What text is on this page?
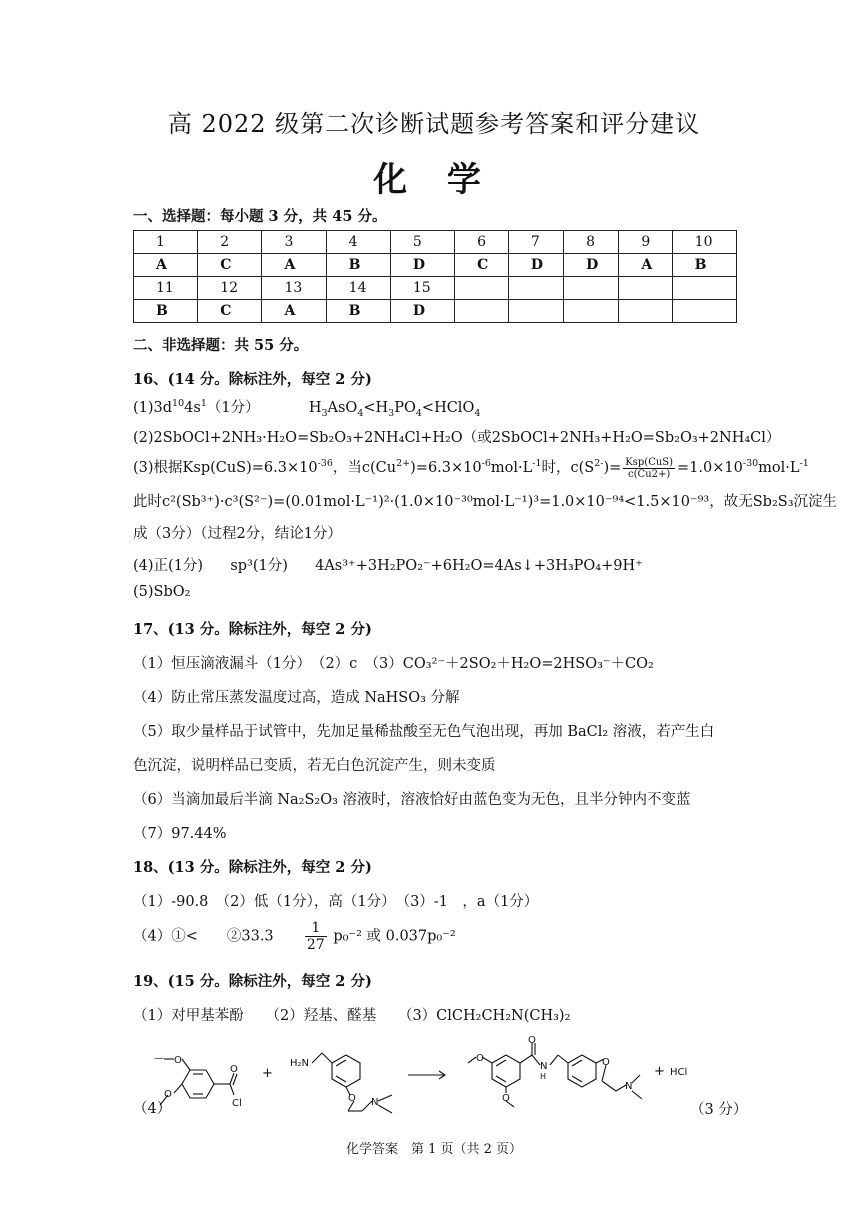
高 2022 级第二次诊断试题参考答案和评分建议
化 学
一、选择题：每小题 3 分，共 45 分。
1	2	3	4	5	6	7	8	9	10
A	C	A	B	D	C	D	D	A	B
11	12	13	14	15					
B	C	A	B	D					
二、非选择题：共 55 分。
16、(14 分。除标注外，每空 2 分)
$(1)3d^{10}4s^1(1$分）	$H_3AsO_4<H_3PO_4<HClO_4$
(2)2SbOCl+2NH₃·H₂O=Sb₂O₃+2NH₄Cl+H₂O（或2SbOCl+2NH₃+H₂O=Sb₂O₃+2NH₄Cl）
(3)根据$Ksp(CuS)=6.3\times 10^{-36}$，当$c(Cu^{2+})=6.3\times 10^{-6}mol\cdot L^{-1}$时，$c(S^{2-})= \frac{\text{Ksp(CuS)}}{c(Cu2+)} =1.0\times 10^{-30}mol\cdot L^{-1}$
此时c²(Sb³⁺)·c³(S²⁻)=(0.01mol·L⁻¹)²·(1.0×10⁻³⁰mol·L⁻¹)³=1.0×10⁻⁹⁴<1.5×10⁻⁹³，故无Sb₂S₃沉淀生
成（3分）（过程2分，结论1分）
(4)正(1分) sp³(1分) 4As³⁺+3H₂PO₂⁻+6H₂O=4As↓+3H₃PO₄+9H⁺
(5)SbO₂
17、(13 分。除标注外，每空 2 分)
（1）恒压滴液漏斗（1分）　（2）c　（3）CO₃²⁻＋2SO₂＋H₂O=2HSO₃⁻＋CO₂
（4）防止常压蒸发温度过高，造成 NaHSO₃ 分解
（5）取少量样品于试管中，先加足量稀盐酸至无色气泡出现，再加 BaCl₂ 溶液，若产生白
色沉淀，说明样品已变质，若无白色沉淀产生，则未变质
（6）当滴加最后半滴 Na₂S₂O₃ 溶液时，溶液恰好由蓝色变为无色，且半分钟内不变蓝
（7）97.44%
18、(13 分。除标注外，每空 2 分)
（1）-90.8　（2）低（1分），高（1分）　（3）-1　，a（1分）
（4）①<　　②33.3 $\frac{1}{27} p_0^{-2}$ 或 0.037p₀⁻²
19、(15 分。除标注外，每空 2 分)
（1）对甲基苯酚　　（2）羟基、醛基　　（3）ClCH₂CH₂N(CH₃)₂
（4）
— O
O
O
Cl
+
H₂N
O N
O
O
O
N
H
O
N
+ HCl
（3 分）
化学答案　第 1 页（共 2 页）
